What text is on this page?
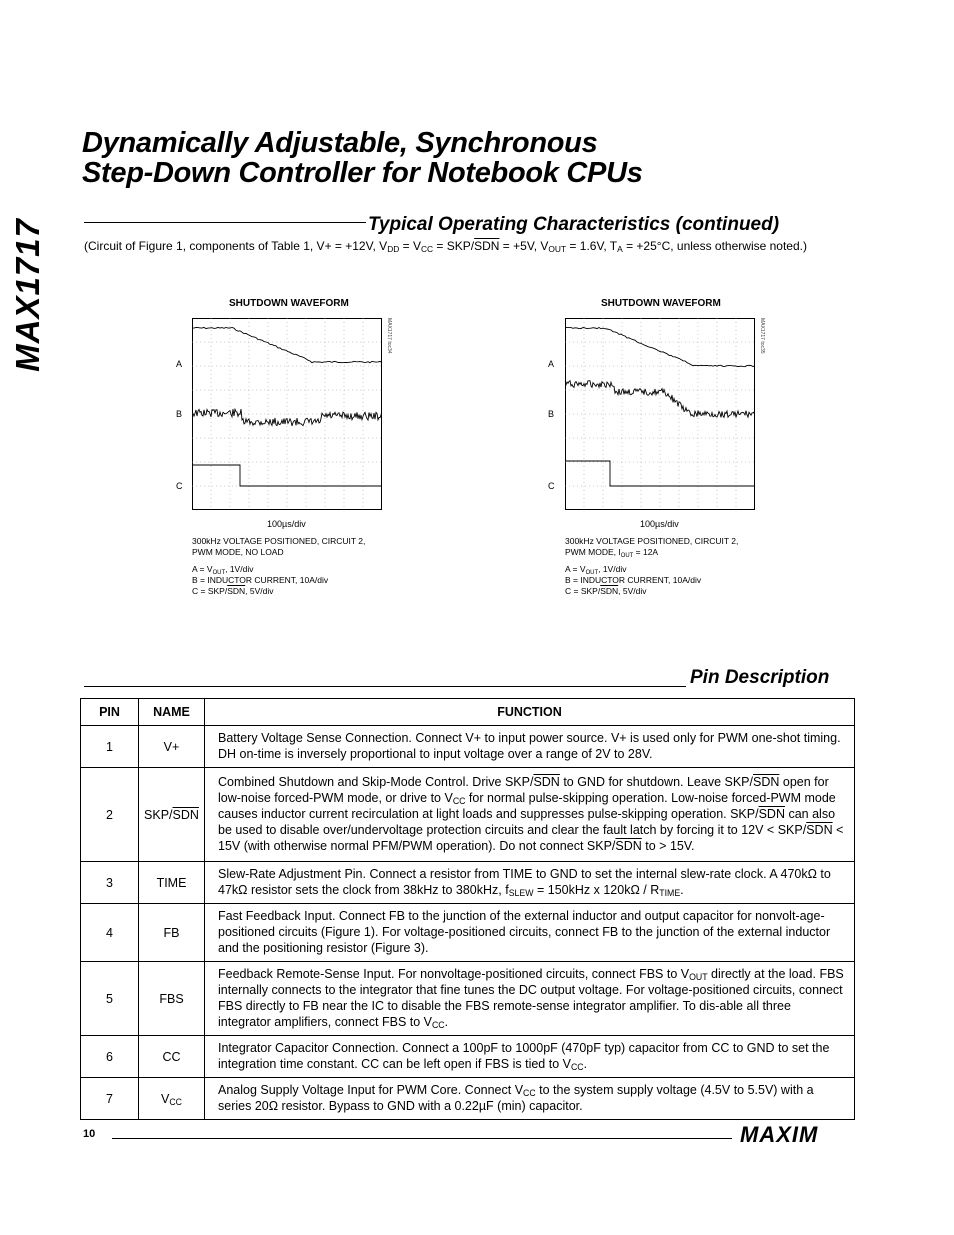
MAX1717
Dynamically Adjustable, Synchronous
Step-Down Controller for Notebook CPUs
Typical Operating Characteristics (continued)
(Circuit of Figure 1, components of Table 1, V+ = +12V, $V_{DD} = V_{CC} = SKP/\overline{SDN} = +5V$, $V_{OUT} = 1.6V$, $T_A = +25^\circ C$, unless otherwise noted.)
SHUTDOWN WAVEFORM
MAX1717 toc34
A
B
C
100µs/div
300kHz VOLTAGE POSITIONED, CIRCUIT 2,
PWM MODE, NO LOAD
$A = V_{OUT}$, 1V/div
B = INDUCTOR CURRENT, 10A/div
C = SKP/$\overline{SDN}$, 5V/div
SHUTDOWN WAVEFORM
MAX1717 toc35
A
B
C
100µs/div
300kHz VOLTAGE POSITIONED, CIRCUIT 2,
PWM MODE, $I_{OUT} = 12A$
$A = V_{OUT}$, 1V/div
B = INDUCTOR CURRENT, 10A/div
C = SKP/$\overline{SDN}$, 5V/div
Pin Description
PIN	NAME	FUNCTION
1	V+	Battery Voltage Sense Connection. Connect V+ to input power source. V+ is used only for PWM one-shot timing. DH on-time is inversely proportional to input voltage over a range of 2V to 28V.
2	SKP/$\overline{SDN}$	Combined Shutdown and Skip-Mode Control. Drive SKP/$\overline{SDN}$ to GND for shutdown. Leave SKP/$\overline{SDN}$ open for low-noise forced-PWM mode, or drive to $V_{CC}$ for normal pulse-skipping operation. Low-noise forced-PWM mode causes inductor current recirculation at light loads and suppresses pulse-skipping operation. SKP/$\overline{SDN}$ can also be used to disable over/undervoltage protection circuits and clear the fault latch by forcing it to 12V < SKP/$\overline{SDN} < 15V$ (with otherwise normal PFM/PWM operation). Do not connect SKP/$\overline{SDN}$ to > 15V.
3	TIME	Slew-Rate Adjustment Pin. Connect a resistor from TIME to GND to set the internal slew-rate clock. A 470kΩ to 47kΩ resistor sets the clock from 38kHz to 380kHz, $f_{SLEW} = 150kHz$ x $120k\Omega / R_{TIME}$.
4	FB	Fast Feedback Input. Connect FB to the junction of the external inductor and output capacitor for nonvolt-age-positioned circuits (Figure 1). For voltage-positioned circuits, connect FB to the junction of the external inductor and the positioning resistor (Figure 3).
5	FBS	Feedback Remote-Sense Input. For nonvoltage-positioned circuits, connect FBS to $V_{OUT}$ directly at the load. FBS internally connects to the integrator that fine tunes the DC output voltage. For voltage-positioned circuits, connect FBS directly to FB near the IC to disable the FBS remote-sense integrator amplifier. To dis-able all three integrator amplifiers, connect FBS to $V_{CC}$.
6	CC	Integrator Capacitor Connection. Connect a 100pF to 1000pF (470pF typ) capacitor from CC to GND to set the integration time constant. CC can be left open if FBS is tied to $V_{CC}$.
7	$V_{CC}$	Analog Supply Voltage Input for PWM Core. Connect $V_{CC}$ to the system supply voltage (4.5V to 5.5V) with a series 20Ω resistor. Bypass to GND with a 0.22µF (min) capacitor.
10	MAXIM
